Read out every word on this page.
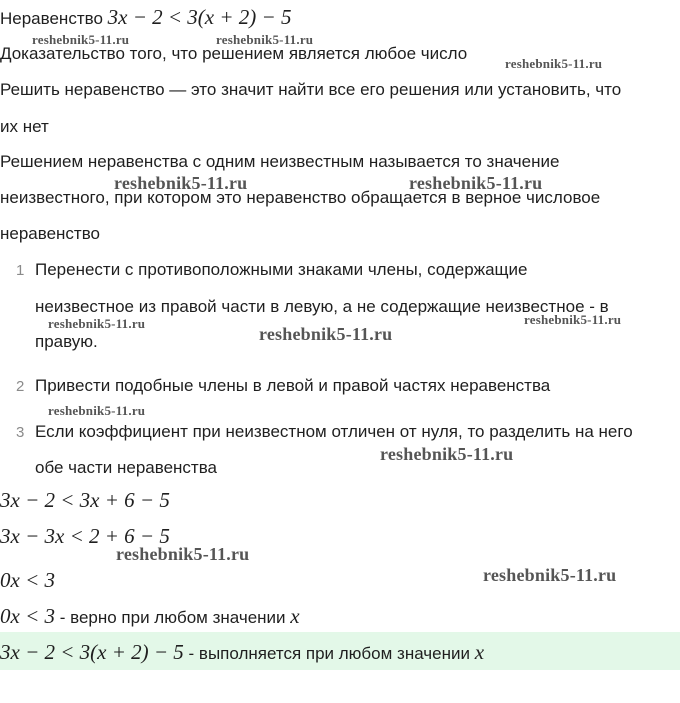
Неравенство 3x − 2 < 3(x + 2) − 5
Доказательство того, что решением является любое число
Решить неравенство — это значит найти все его решения или установить, что
их нет
Решением неравенства с одним неизвестным называется то значение
неизвестного, при котором это неравенство обращается в верное числовое
неравенство
1 Перенести с противоположными знаками члены, содержащие
неизвестное из правой части в левую, а не содержащие неизвестное - в
правую.
2 Привести подобные члены в левой и правой частях неравенства
3 Если коэффициент при неизвестном отличен от нуля, то разделить на него
обе части неравенства
3x − 2 < 3x + 6 − 5
3x − 3x < 2 + 6 − 5
0x < 3
0x < 3 - верно при любом значении x
3x − 2 < 3(x + 2) − 5 - выполняется при любом значении x
reshebnik5-11.ru	reshebnik5-11.ru
reshebnik5-11.ru
reshebnik5-11.ru	reshebnik5-11.ru
reshebnik5-11.ru	reshebnik5-11.ru
reshebnik5-11.ru
reshebnik5-11.ru
reshebnik5-11.ru
reshebnik5-11.ru
reshebnik5-11.ru
